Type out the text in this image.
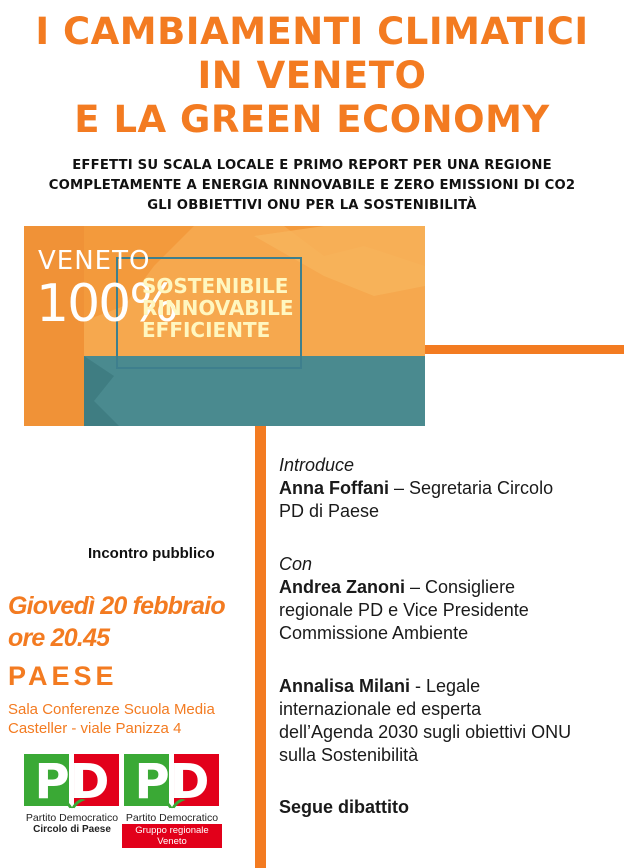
I CAMBIAMENTI CLIMATICI
IN VENETO
E LA GREEN ECONOMY
EFFETTI SU SCALA LOCALE E PRIMO REPORT PER UNA REGIONE
COMPLETAMENTE A ENERGIA RINNOVABILE E ZERO EMISSIONI DI CO2
GLI OBBIETTIVI ONU PER LA SOSTENIBILITÀ
VENETO
100%
SOSTENIBILE
RINNOVABILE
EFFICIENTE
Incontro pubblico
Giovedì 20 febbraio
ore 20.45
PAESE
Sala Conferenze Scuola Media
Casteller - viale Panizza 4
PD
Partito Democratico
Circolo di Paese
PD
Partito Democratico
Gruppo regionale Veneto
Introduce
Anna Foffani – Segretaria Circolo
PD di Paese
Con
Andrea Zanoni – Consigliere
regionale PD e Vice Presidente
Commissione Ambiente
Annalisa Milani - Legale
internazionale ed esperta
dell’Agenda 2030 sugli obiettivi ONU
sulla Sostenibilità
Segue dibattito
